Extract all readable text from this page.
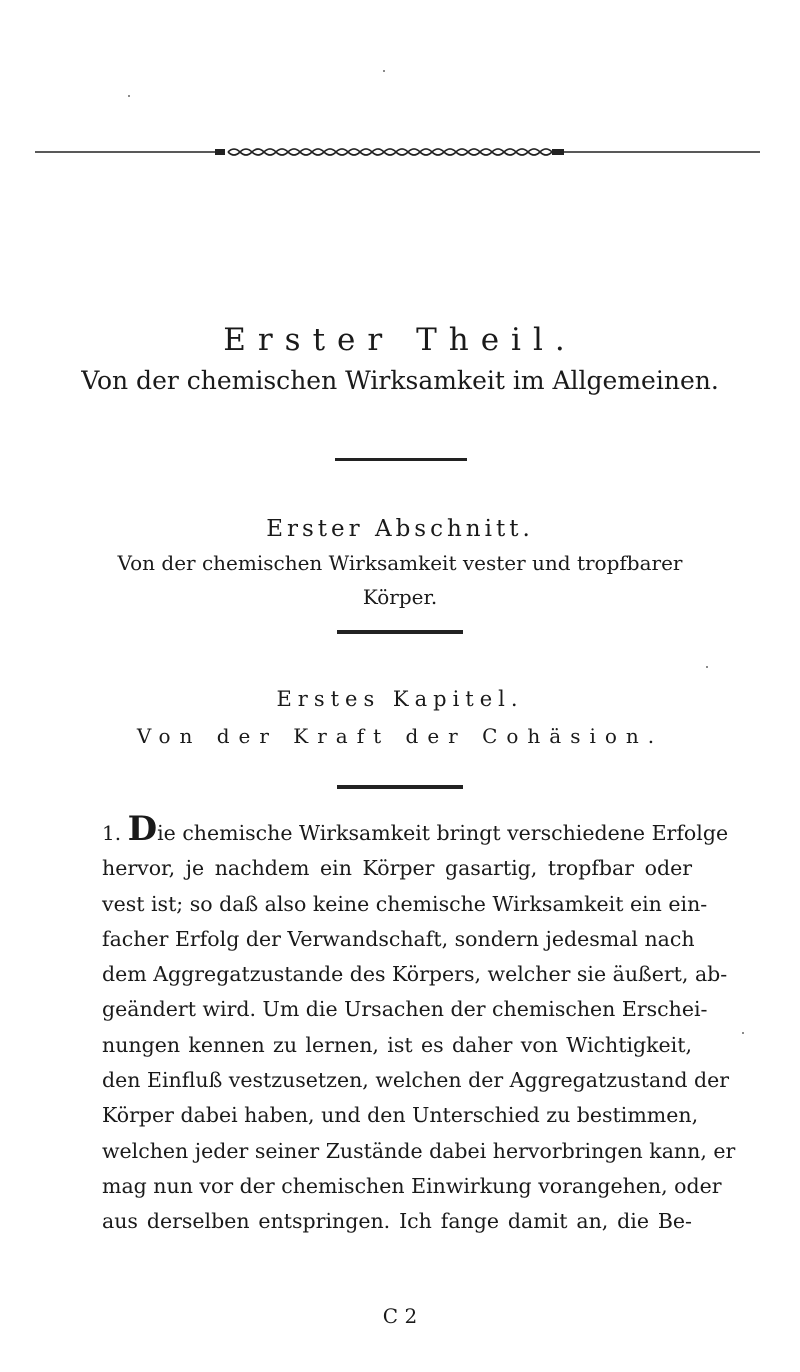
Erster Theil.
Von der chemischen Wirksamkeit im Allgemeinen.
Erster Abschnitt.
Von der chemischen Wirksamkeit vester und tropfbarer
Körper.
Erstes Kapitel.
Von der Kraft der Cohäsion.
1. Die chemische Wirksamkeit bringt verschiedene Erfolge
hervor, je nachdem ein Körper gasartig, tropfbar oder
vest ist; so daß also keine chemische Wirksamkeit ein ein-
facher Erfolg der Verwandschaft, sondern jedesmal nach
dem Aggregatzustande des Körpers, welcher sie äußert, ab-
geändert wird. Um die Ursachen der chemischen Erschei-
nungen kennen zu lernen, ist es daher von Wichtigkeit,
den Einfluß vestzusetzen, welchen der Aggregatzustand der
Körper dabei haben, und den Unterschied zu bestimmen,
welchen jeder seiner Zustände dabei hervorbringen kann, er
mag nun vor der chemischen Einwirkung vorangehen, oder
aus derselben entspringen. Ich fange damit an, die Be-
C 2
